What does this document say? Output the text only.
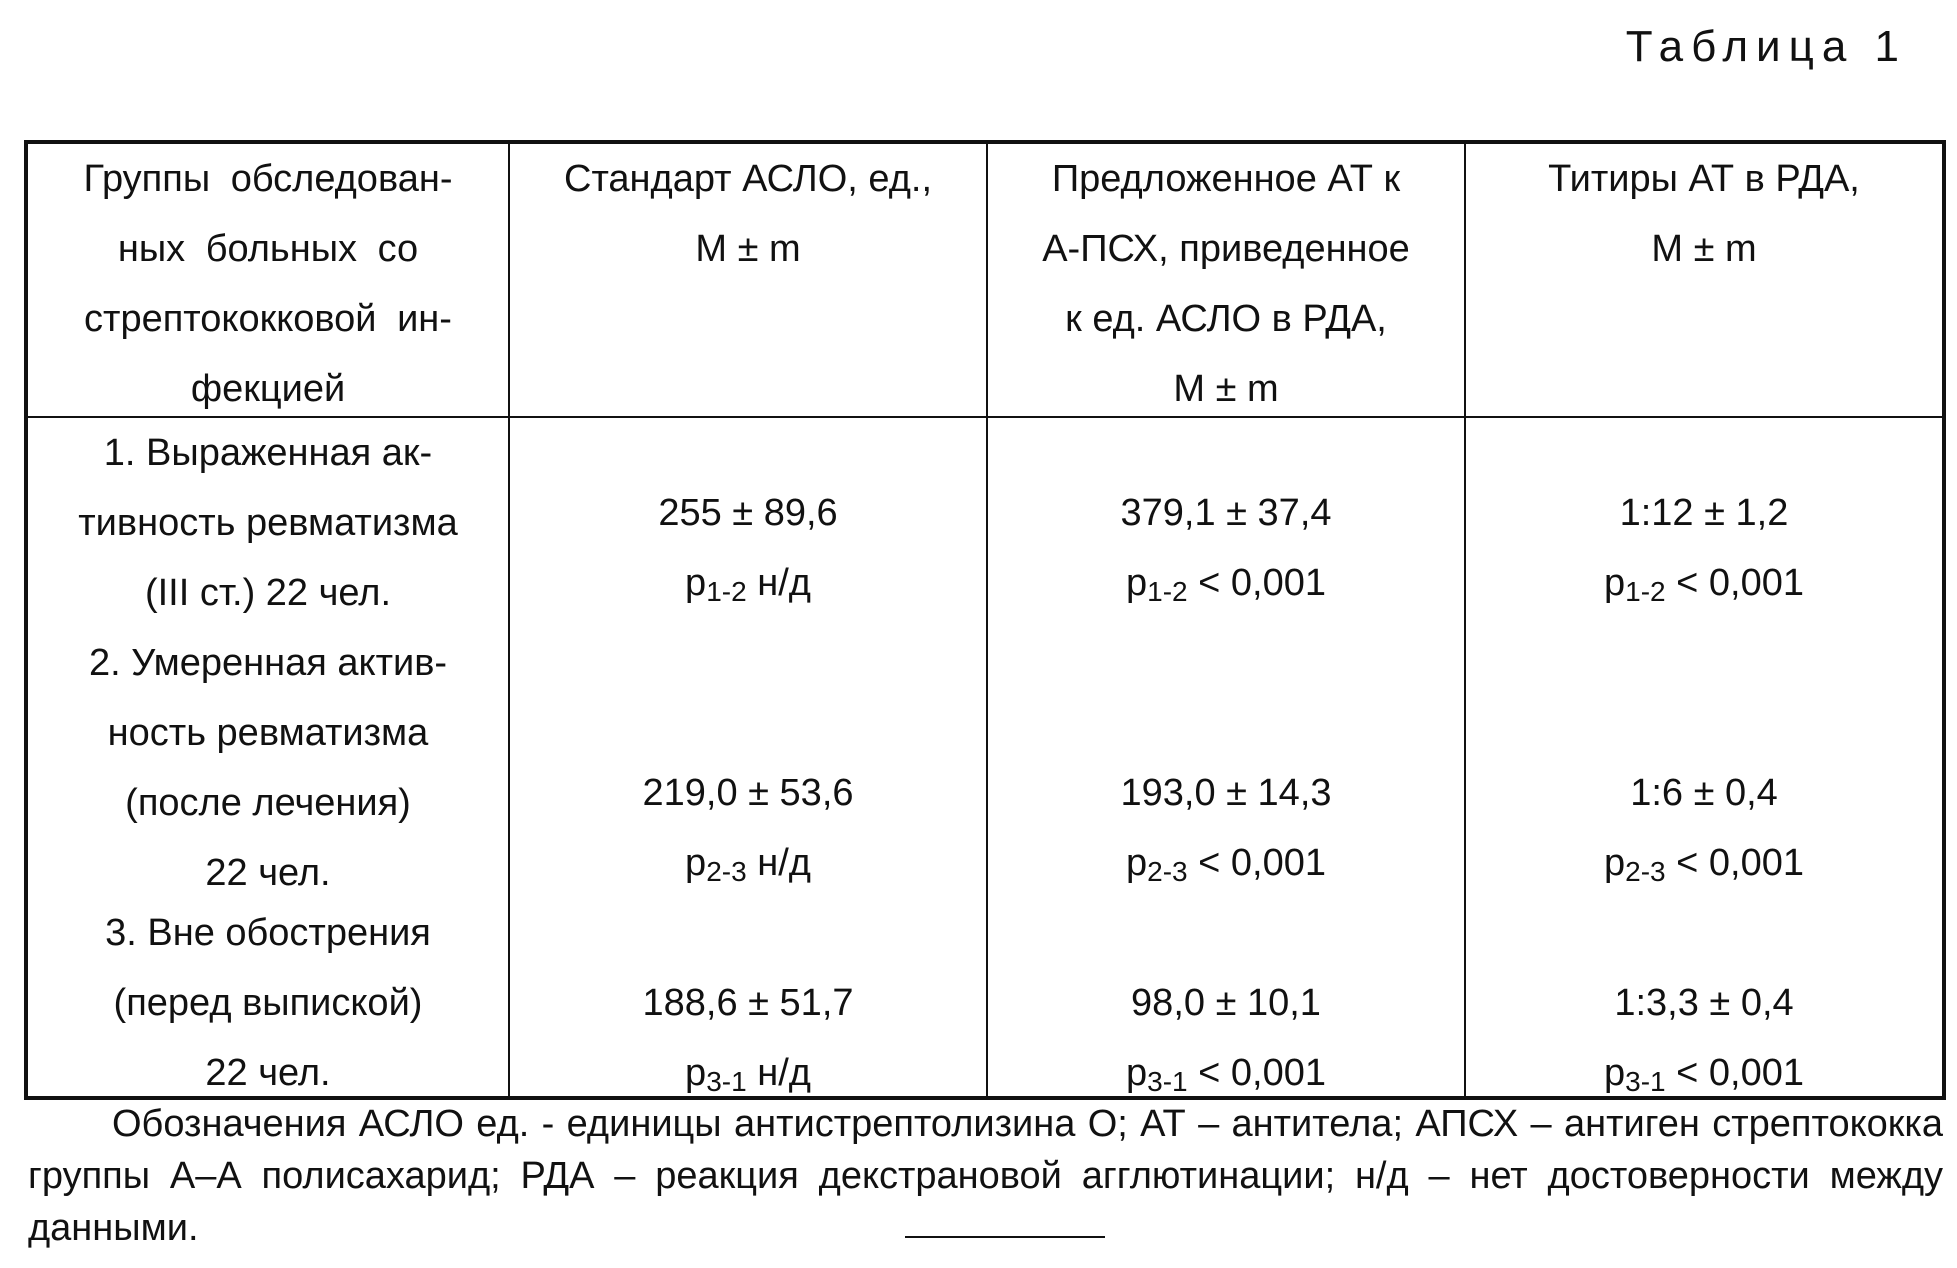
Таблица 1
Группы обследован-
ных больных со
стрептококковой ин-
фекцией
Стандарт АСЛО, ед.,
M ± m
Предложенное АТ к
А-ПСХ, приведенное
к ед. АСЛО в РДА,
M ± m
Титиры АТ в РДА,
M ± m
1. Выраженная ак-
тивность ревматизма
(III ст.) 22 чел.
255 ± 89,6
$p_{1-2}$ н/д
379,1 ± 37,4
$p_{1-2} < 0,001$
1:12 ± 1,2
$p_{1-2} < 0,001$
2. Умеренная актив-
ность ревматизма
(после лечения)
22 чел.
219,0 ± 53,6
$p_{2-3}$ н/д
193,0 ± 14,3
$p_{2-3} < 0,001$
1:6 ± 0,4
$p_{2-3} < 0,001$
3. Вне обострения
(перед выпиской)
22 чел.
188,6 ± 51,7
$p_{3-1}$ н/д
98,0 ± 10,1
$p_{3-1} < 0,001$
1:3,3 ± 0,4
$p_{3-1} < 0,001$
Обозначения АСЛО ед. - единицы антистрептолизина О; АТ – антитела; АПСХ – антиген стрептококка группы А–А полисахарид; РДА – реакция декстрановой агглютинации; н/д – нет достоверности между данными.
